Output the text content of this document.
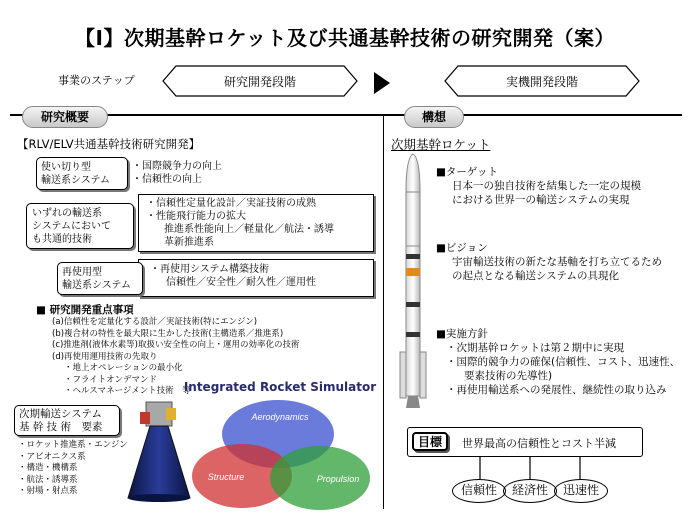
【Ⅰ】次期基幹ロケット及び共通基幹技術の研究開発（案）
事業のステップ	研究開発段階	実機開発段階
研究概要
【RLV/ELV共通基幹技術研究開発】
使い切り型
輸送系システム
・国際競争力の向上
・信頼性の向上
いずれの輸送系
システムにおいて
も共通的技術
・信頼性定量化設計／実証技術の成熟
・性能飛行能力の拡大
推進系性能向上／軽量化／航法・誘導
革新推進系
再使用型
輸送系システム
・再使用システム構築技術
信頼性／安全性／耐久性／運用性
■ 研究開発重点事項
(a)信頼性を定量化する設計／実証技術(特にエンジン)
(b)複合材の特性を最大限に生かした技術(主構造系／推進系)
(c)推進剤(液体水素等)取扱い安全性の向上・運用の効率化の技術
(d)再使用運用技術の先取り
・地上オペレーションの最小化
・フライトオンデマンド
・ヘルスマネージメント技術　等
次期輸送システム
基 幹 技 術　要素
・ロケット推進系・エンジン
・アビオニクス系
・構造・機構系
・航法・誘導系
・射場・射点系
Integrated Rocket Simulator
Aerodynamics
Structure	Propulsion
構想
次期基幹ロケット
■ターゲット
日本一の独自技術を結集した一定の規模
における世界一の輸送システムの実現
■ビジョン
宇宙輸送技術の新たな基軸を打ち立てるため
の起点となる輸送システムの具現化
■実施方針
・次期基幹ロケットは第２期中に実現
・国際的競争力の確保(信頼性、コスト、迅速性、
要素技術の先導性)
・再使用輸送系への発展性、継続性の取り込み
目標	世界最高の信頼性とコスト半減
信頼性	経済性	迅速性
